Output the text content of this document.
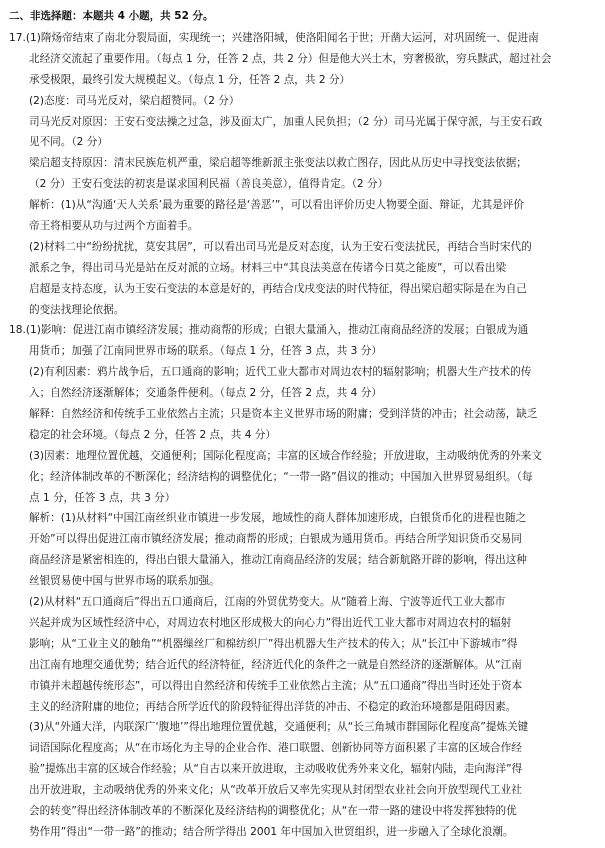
二、非选择题：本题共 4 小题，共 52 分。
17.(1)隋炀帝结束了南北分裂局面，实现统一；兴建洛阳城，使洛阳闻名于世；开凿大运河，对巩固统一、促进南
北经济交流起了重要作用。（每点 1 分，任答 2 点，共 2 分）但是他大兴土木，穷奢极欲，穷兵黩武，超过社会
承受极限，最终引发大规模起义。（每点 1 分，任答 2 点，共 2 分）
(2)态度：司马光反对，梁启超赞同。（2 分）
司马光反对原因：王安石变法操之过急，涉及面太广，加重人民负担；（2 分）司马光属于保守派，与王安石政
见不同。（2 分）
梁启超支持原因：清末民族危机严重，梁启超等维新派主张变法以救亡图存，因此从历史中寻找变法依据；
（2 分）王安石变法的初衷是谋求国利民福（善良美意），值得肯定。（2 分）
解析：(1)从“沟通‘天人关系’最为重要的路径是‘善恶’”，可以看出评价历史人物要全面、辩证，尤其是评价
帝王将相要从功与过两个方面着手。
(2)材料二中“纷纷扰扰，莫安其居”，可以看出司马光是反对态度，认为王安石变法扰民，再结合当时宋代的
派系之争，得出司马光是站在反对派的立场。材料三中“其良法美意在传诸今日莫之能废”，可以看出梁
启超是支持态度，认为王安石变法的本意是好的，再结合戊戌变法的时代特征，得出梁启超实际是在为自己
的变法找理论依据。
18.(1)影响：促进江南市镇经济发展；推动商帮的形成；白银大量涌入，推动江南商品经济的发展；白银成为通
用货币；加强了江南同世界市场的联系。（每点 1 分，任答 3 点，共 3 分）
(2)有利因素：鸦片战争后，五口通商的影响；近代工业大都市对周边农村的辐射影响；机器大生产技术的传
入；自然经济逐渐解体；交通条件便利。（每点 2 分，任答 2 点，共 4 分）
解释：自然经济和传统手工业依然占主流；只是资本主义世界市场的附庸；受到洋货的冲击；社会动荡，缺乏
稳定的社会环境。（每点 2 分，任答 2 点，共 4 分）
(3)因素：地理位置优越，交通便利；国际化程度高；丰富的区域合作经验；开放进取，主动吸纳优秀的外来文
化；经济体制改革的不断深化；经济结构的调整优化；“一带一路”倡议的推动；中国加入世界贸易组织。（每
点 1 分，任答 3 点，共 3 分）
解析：(1)从材料“中国江南丝织业市镇进一步发展，地域性的商人群体加速形成，白银货币化的进程也随之
开始”可以得出促进江南市镇经济发展；推动商帮的形成；白银成为通用货币。再结合所学知识货币交易同
商品经济是紧密相连的，得出白银大量涌入，推动江南商品经济的发展；结合新航路开辟的影响，得出这种
丝银贸易使中国与世界市场的联系加强。
(2)从材料“五口通商后”得出五口通商后，江南的外贸优势变大。从“随着上海、宁波等近代工业大都市
兴起并成为区域性经济中心，对周边农村地区形成极大的向心力”得出近代工业大都市对周边农村的辐射
影响；从“工业主义的触角”“机器缫丝厂和棉纺织厂”得出机器大生产技术的传入；从“长江中下游城市”得
出江南有地理交通优势；结合近代的经济特征，经济近代化的条件之一就是自然经济的逐渐解体。从“江南
市镇并未超越传统形态”，可以得出自然经济和传统手工业依然占主流；从“五口通商”得出当时还处于资本
主义的经济附庸的地位；再结合所学近代的阶段特征得出洋货的冲击、不稳定的政治环境都是阻碍因素。
(3)从“外通大洋，内联深广‘腹地’”得出地理位置优越，交通便利；从“长三角城市群国际化程度高”提炼关键
词语国际化程度高；从“在市场化为主导的企业合作、港口联盟、创新协同等方面积累了丰富的区域合作经
验”提炼出丰富的区域合作经验；从“自古以来开放进取，主动吸收优秀外来文化，辐射内陆，走向海洋”得
出开放进取，主动吸纳优秀的外来文化；从“改革开放后又率先实现从封闭型农业社会向开放型现代工业社
会的转变”得出经济体制改革的不断深化及经济结构的调整优化；从“在一带一路的建设中将发挥独特的优
势作用”得出“一带一路”的推动；结合所学得出 2001 年中国加入世贸组织，进一步融入了全球化浪潮。
